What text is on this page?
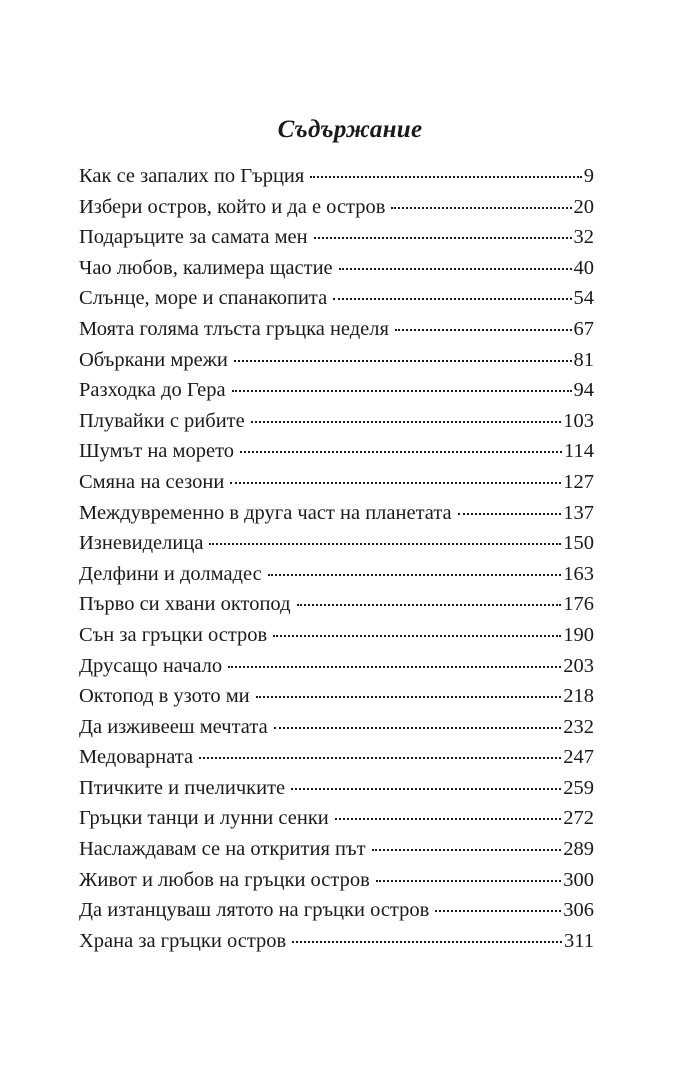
Съдържание
Как се запалих по Гърция	9
Избери остров, който и да е остров	20
Подаръците за самата мен	32
Чао любов, калимера щастие	40
Слънце, море и спанакопита	54
Моята голяма тлъста гръцка неделя	67
Объркани мрежи	81
Разходка до Гера	94
Плувайки с рибите	103
Шумът на морето	114
Смяна на сезони	127
Междувременно в друга част на планетата	137
Изневиделица	150
Делфини и долмадес	163
Първо си хвани октопод	176
Сън за гръцки остров	190
Друсащо начало	203
Октопод в узото ми	218
Да изживееш мечтата	232
Медоварната	247
Птичките и пчеличките	259
Гръцки танци и лунни сенки	272
Наслаждавам се на открития път	289
Живот и любов на гръцки остров	300
Да изтанцуваш лятото на гръцки остров	306
Храна за гръцки остров	311
